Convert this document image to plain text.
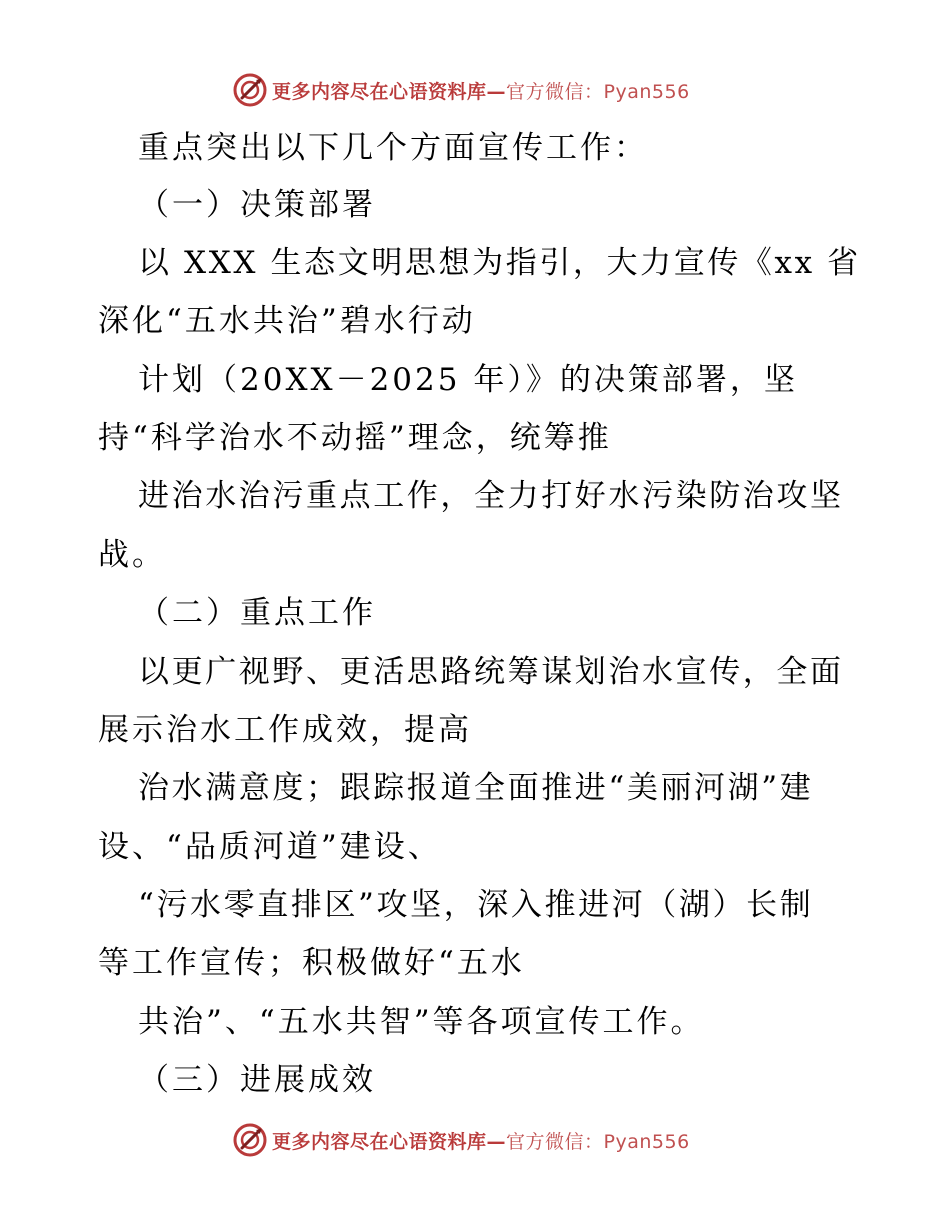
更多内容尽在心语资料库—官方微信：Pyan556
重点突出以下几个方面宣传工作：
（一）决策部署
以 XXX 生态文明思想为指引，大力宣传《xx 省
深化“五水共治”碧水行动
计划（20XX－2025 年）》的决策部署，坚
持“科学治水不动摇”理念，统筹推
进治水治污重点工作，全力打好水污染防治攻坚
战。
（二）重点工作
以更广视野、更活思路统筹谋划治水宣传，全面
展示治水工作成效，提高
治水满意度；跟踪报道全面推进“美丽河湖”建
设、“品质河道”建设、
“污水零直排区”攻坚，深入推进河（湖）长制
等工作宣传；积极做好“五水
共治”、“五水共智”等各项宣传工作。
（三）进展成效
更多内容尽在心语资料库—官方微信：Pyan556
